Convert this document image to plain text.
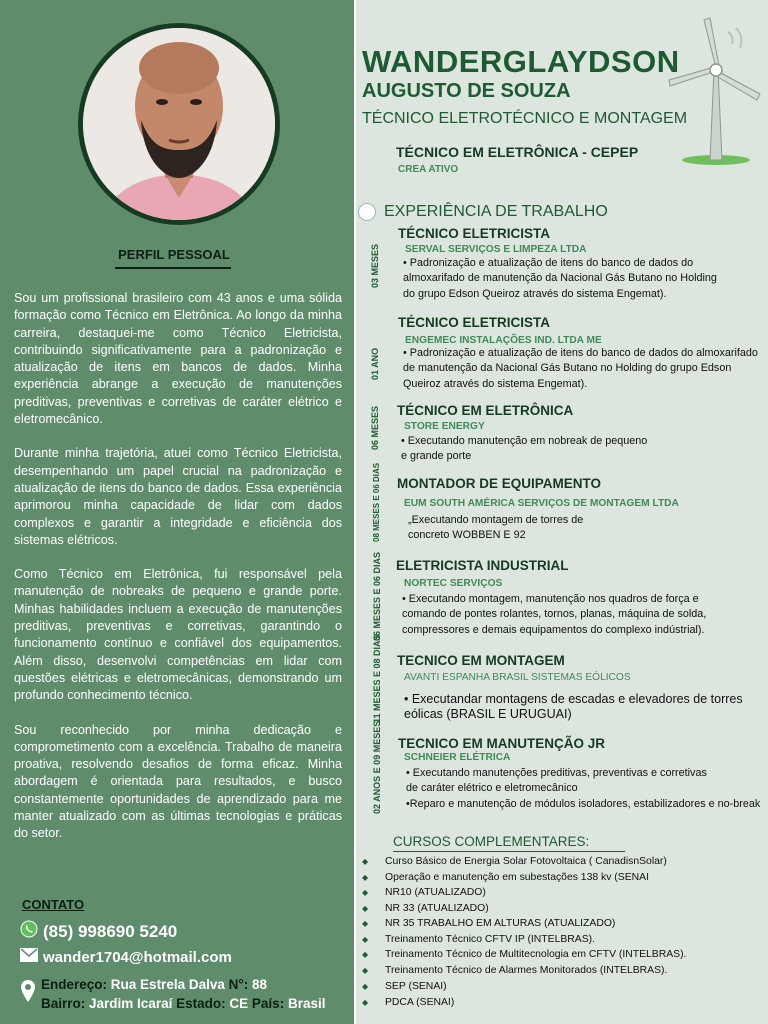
PERFIL PESSOAL

Sou um profissional brasileiro com 43 anos e uma sólida formação como Técnico em Eletrônica. Ao longo da minha carreira, destaquei-me como Técnico Eletricista, contribuindo significativamente para a padronização e atualização de itens em bancos de dados. Minha experiência abrange a execução de manutenções preditivas, preventivas e corretivas de caráter elétrico e eletromecânico.

Durante minha trajetória, atuei como Técnico Eletricista, desempenhando um papel crucial na padronização e atualização de itens do banco de dados. Essa experiência aprimorou minha capacidade de lidar com dados complexos e garantir a integridade e eficiência dos sistemas elétricos.

Como Técnico em Eletrônica, fui responsável pela manutenção de nobreaks de pequeno e grande porte. Minhas habilidades incluem a execução de manutenções preditivas, preventivas e corretivas, garantindo o funcionamento contínuo e confiável dos equipamentos. Além disso, desenvolvi competências em lidar com questões elétricas e eletromecânicas, demonstrando um profundo conhecimento técnico.

Sou reconhecido por minha dedicação e comprometimento com a excelência. Trabalho de maneira proativa, resolvendo desafios de forma eficaz. Minha abordagem é orientada para resultados, e busco constantemente oportunidades de aprendizado para me manter atualizado com as últimas tecnologias e práticas do setor.

CONTATO
(85) 998690 5240
wander1704@hotmail.com
Endereço: Rua Estrela Dalva N°: 88
Bairro: Jardim Icaraí Estado: CE País: Brasil
WANDERGLAYDSON
AUGUSTO DE SOUZA
TÉCNICO ELETROTÉCNICO E MONTAGEM
TÉCNICO EM ELETRÔNICA - CEPEP
CREA ATIVO
EXPERIÊNCIA DE TRABALHO
03 MESES
TÉCNICO ELETRICISTA
SERVAL SERVIÇOS E LIMPEZA LTDA
• Padronização e atualização de itens do banco de dados do
almoxarifado de manutenção da Nacional Gás Butano no Holding
do grupo Edson Queiroz através do sistema Engemat).
01 ANO
TÉCNICO ELETRICISTA
ENGEMEC INSTALAÇÕES IND. LTDA ME
• Padronização e atualização de itens do banco de dados do almoxarifado
de manutenção da Nacional Gás Butano no Holding do grupo Edson
Queiroz através do sistema Engemat).
06 MESES TÉCNICO EM ELETRÔNICA
STORE ENERGY
• Executando manutenção em nobreak de pequeno
e grande porte
08 MESES E 06 DIAS MONTADOR DE EQUIPAMENTO
EUM SOUTH AMÉRICA SERVIÇOS DE MONTAGEM LTDA
„Executando montagem de torres de
concreto WOBBEN E 92
06 MESES E 06 DIAS ELETRICISTA INDUSTRIAL
NORTEC SERVIÇOS
• Executando montagem, manutenção nos quadros de força e
comando de pontes rolantes, tornos, planas, máquina de solda,
compressores e demais equipamentos do complexo indústrial).
11 MESES E 08 DIAS TECNICO EM MONTAGEM
AVANTI ESPANHA BRASIL SISTEMAS EÓLICOS
• Executandar montagens de escadas e elevadores de torres
eólicas (BRASIL E URUGUAI)
02 ANOS E 09 MESES TECNICO EM MANUTENÇÃO JR
SCHNEIER ELÉTRICA
• Executando manutenções preditivas, preventivas e corretivas
de caráter elétrico e eletromecânico
•Reparo e manutenção de módulos isoladores, estabilizadores e no-break
CURSOS COMPLEMENTARES:
◆	Curso Básico de Energia Solar Fotovoltaica ( CanadisnSolar)
◆	Operação e manutenção em subestações 138 kv (SENAI
◆	NR10 (ATUALIZADO)
◆	NR 33 (ATUALIZADO)
◆	NR 35 TRABALHO EM ALTURAS (ATUALIZADO)
◆	Treinamento Técnico CFTV IP (INTELBRAS).
◆	Treinamento Técnico de Multitecnologia em CFTV (INTELBRAS).
◆	Treinamento Técnico de Alarmes Monitorados (INTELBRAS).
◆	SEP (SENAI)
◆	PDCA (SENAI)
